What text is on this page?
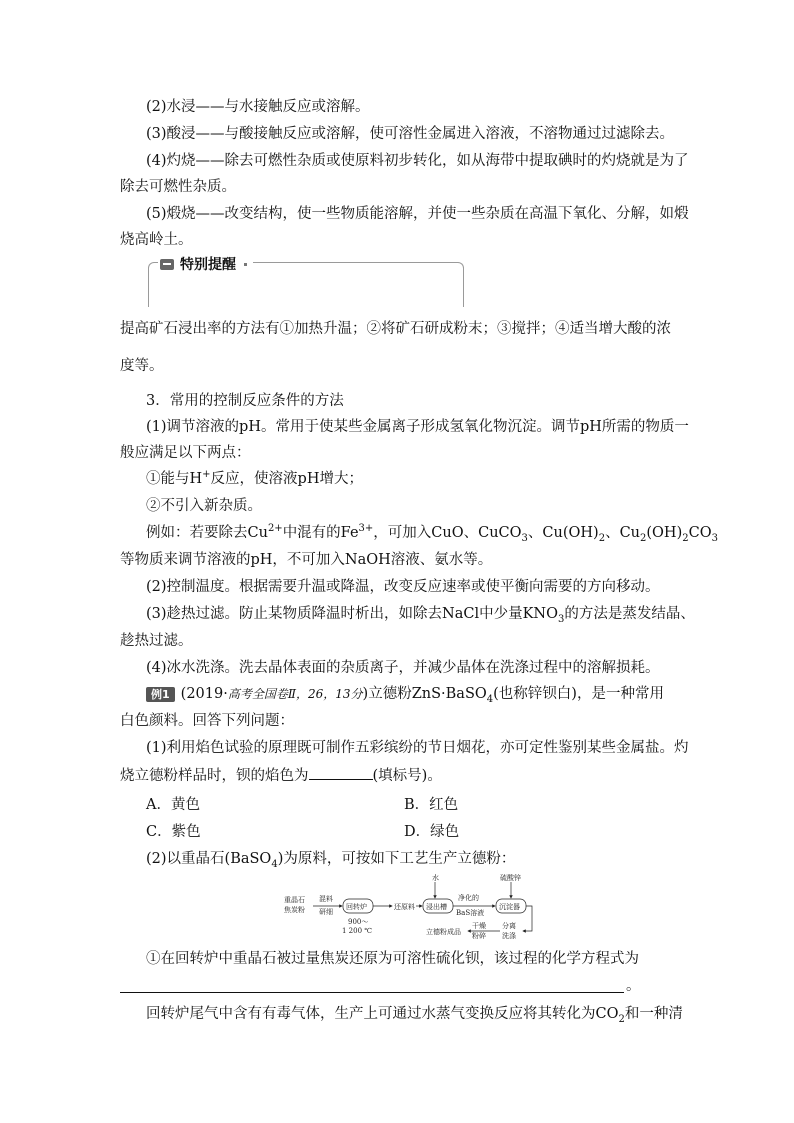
(2)水浸——与水接触反应或溶解。
(3)酸浸——与酸接触反应或溶解，使可溶性金属进入溶液，不溶物通过过滤除去。
(4)灼烧——除去可燃性杂质或使原料初步转化，如从海带中提取碘时的灼烧就是为了
除去可燃性杂质。
(5)煅烧——改变结构，使一些物质能溶解，并使一些杂质在高温下氧化、分解，如煅
烧高岭土。
特别提醒
提高矿石浸出率的方法有①加热升温；②将矿石研成粉末；③搅拌；④适当增大酸的浓
度等。
3．常用的控制反应条件的方法
(1)调节溶液的pH。常用于使某些金属离子形成氢氧化物沉淀。调节pH所需的物质一
般应满足以下两点：
①能与H+反应，使溶液pH增大；
②不引入新杂质。
例如：若要除去$Cu^{2+}$中混有的$Fe^{3+}$，可加入CuO、CuCO$_3$、$Cu(OH)_2$、$Cu_2(OH)_2CO_3$
等物质来调节溶液的pH，不可加入NaOH溶液、氨水等。
(2)控制温度。根据需要升温或降温，改变反应速率或使平衡向需要的方向移动。
(3)趁热过滤。防止某物质降温时析出，如除去NaCl中少量$KNO_3$的方法是蒸发结晶、
趁热过滤。
(4)冰水洗涤。洗去晶体表面的杂质离子，并减少晶体在洗涤过程中的溶解损耗。
例1 (2019·高考全国卷Ⅱ，26，13分)立德粉ZnS·BaSO$_4$(也称锌钡白)，是一种常用
白色颜料。回答下列问题：
(1)利用焰色试验的原理既可制作五彩缤纷的节日烟花，亦可定性鉴别某些金属盐。灼
烧立德粉样品时，钡的焰色为	(填标号)。
A．黄色	B．红色
C．紫色	D．绿色
(2)以重晶石(BaSO$_4$)为原料，可按如下工艺生产立德粉：
重晶石
焦炭粉
混料
研细
回转炉
900～
1 200 ℃
还原料
水
浸出槽
净化的
BaS溶液
硫酸锌
沉淀器
分离
洗涤
干燥
粉碎
立德粉成品
①在回转炉中重晶石被过量焦炭还原为可溶性硫化钡，该过程的化学方程式为
。
回转炉尾气中含有有毒气体，生产上可通过水蒸气变换反应将其转化为$CO_2$和一种清
